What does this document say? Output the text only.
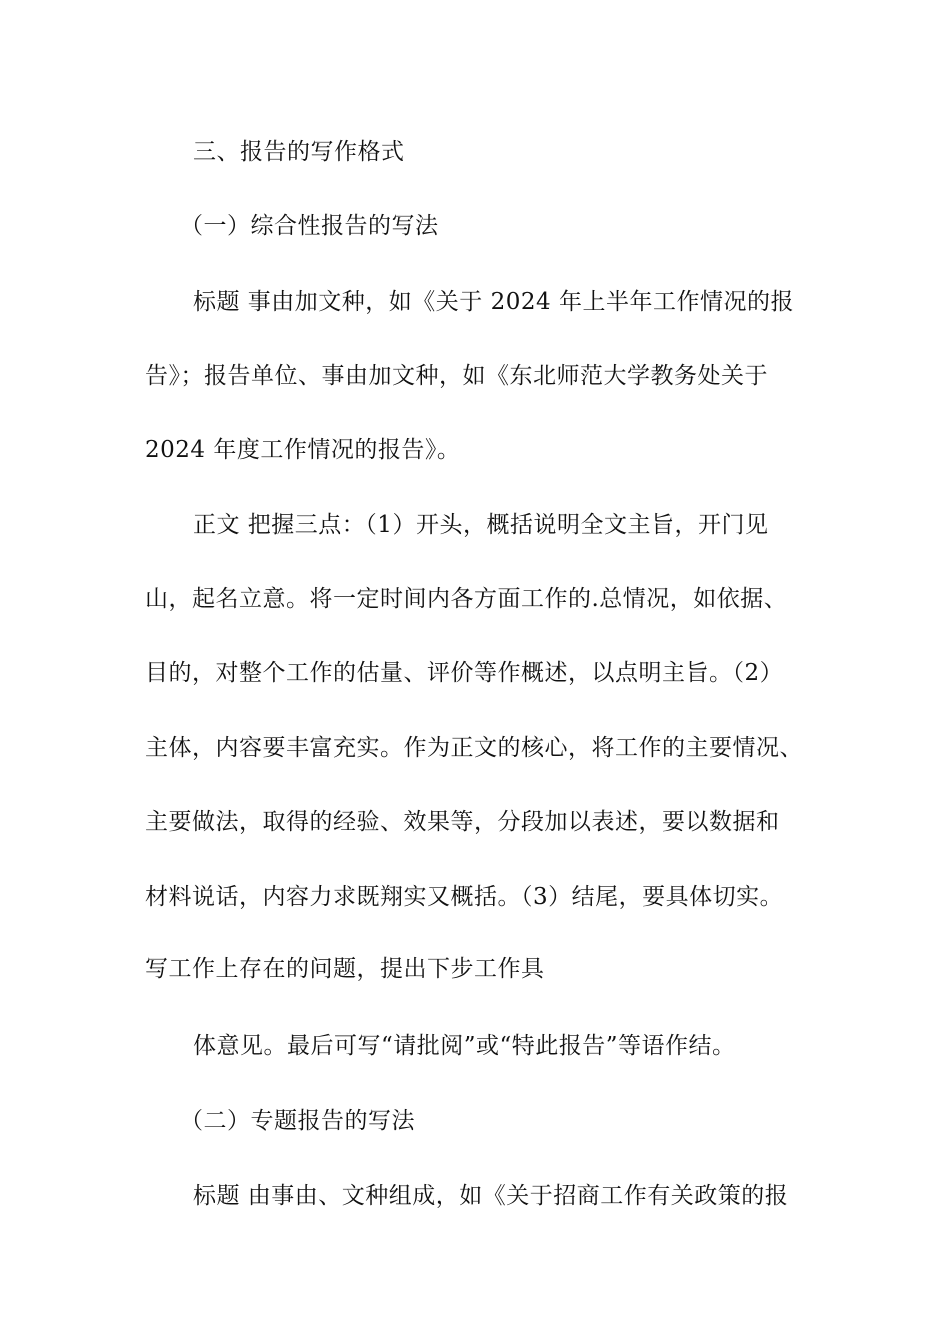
三、报告的写作格式
（一）综合性报告的写法
标题 事由加文种，如《关于 2024 年上半年工作情况的报
告》；报告单位、事由加文种，如《东北师范大学教务处关于
2024 年度工作情况的报告》。
正文 把握三点：（1）开头，概括说明全文主旨，开门见
山，起名立意。将一定时间内各方面工作的.总情况，如依据、
目的，对整个工作的估量、评价等作概述，以点明主旨。（2）
主体，内容要丰富充实。作为正文的核心，将工作的主要情况、
主要做法，取得的经验、效果等，分段加以表述，要以数据和
材料说话，内容力求既翔实又概括。（3）结尾，要具体切实。
写工作上存在的问题，提出下步工作具
体意见。最后可写“请批阅”或“特此报告”等语作结。
（二）专题报告的写法
标题 由事由、文种组成，如《关于招商工作有关政策的报
